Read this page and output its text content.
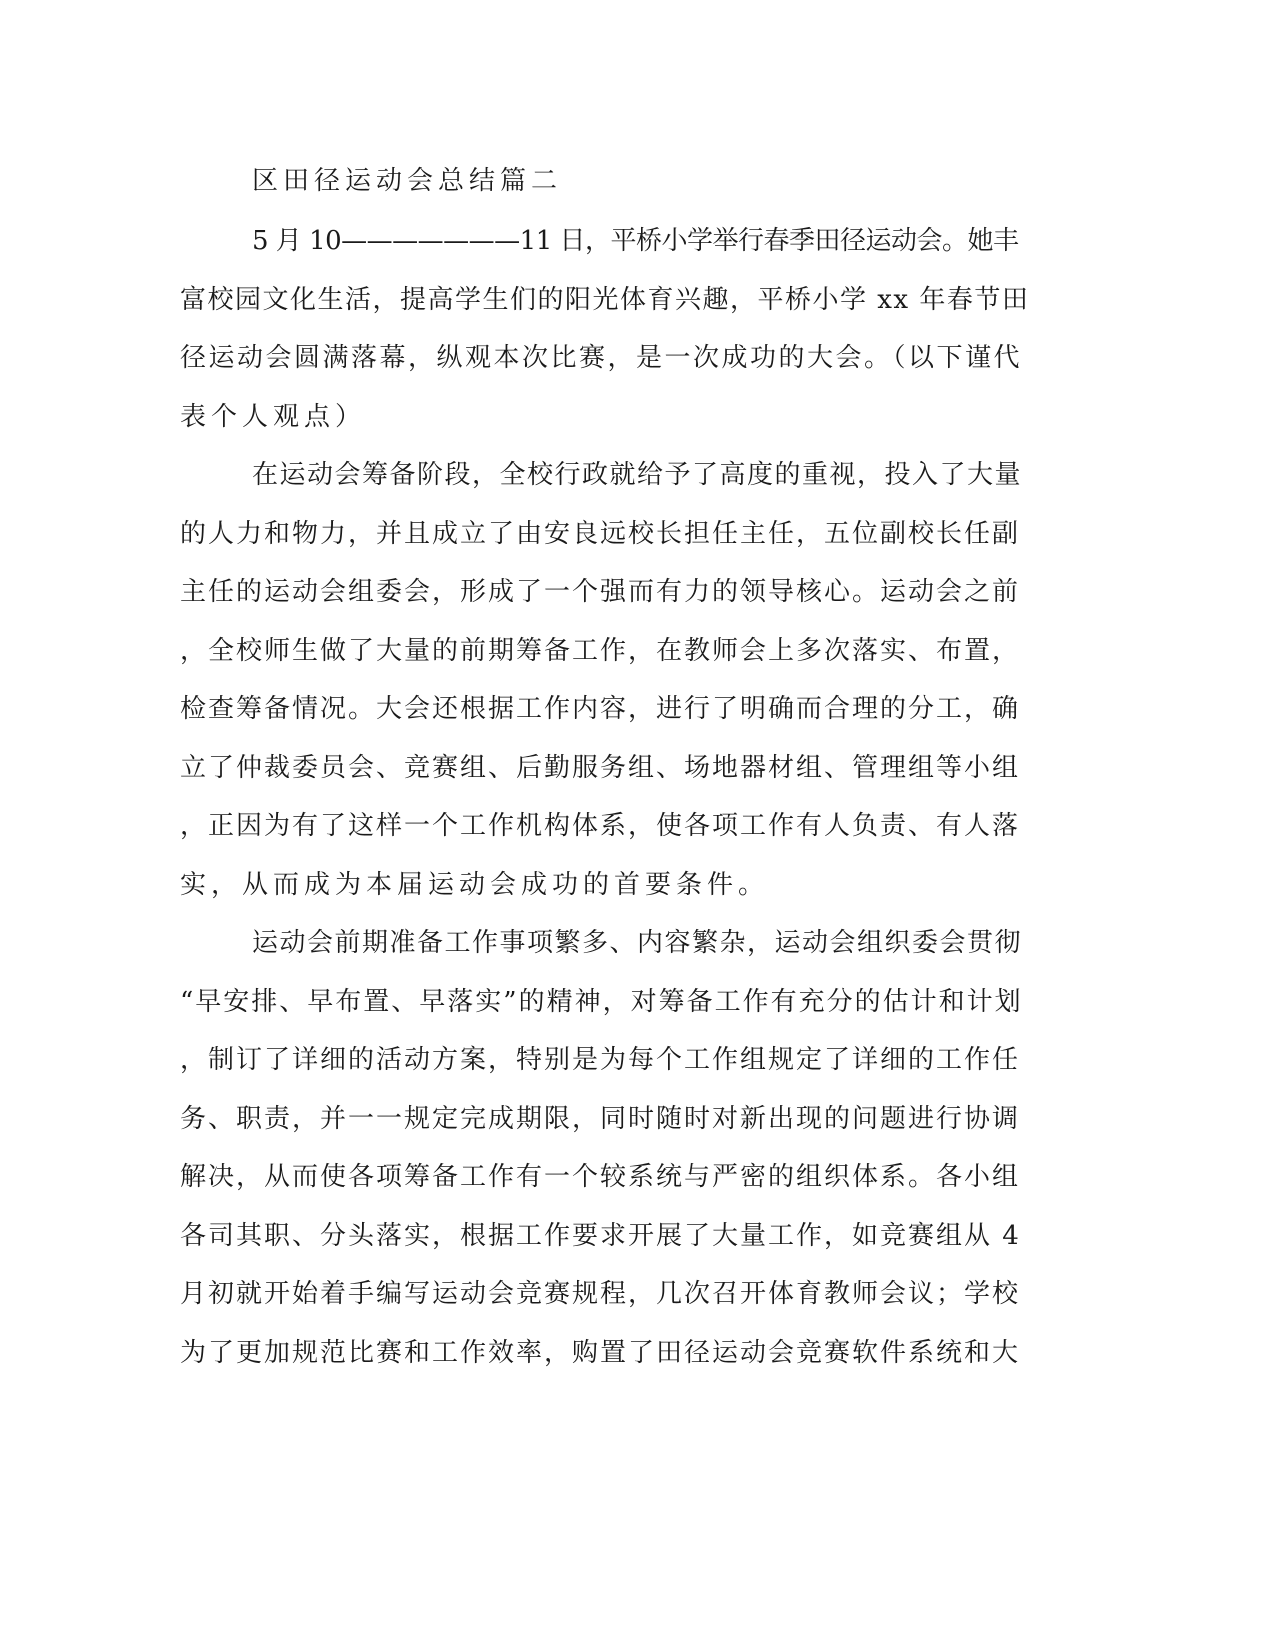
区田径运动会总结篇二

5 月 10———————11 日，平桥小学举行春季田径运动会。她丰

富校园文化生活，提高学生们的阳光体育兴趣，平桥小学 xx 年春节田

径运动会圆满落幕，纵观本次比赛，是一次成功的大会。（以下谨代

表个人观点）

在运动会筹备阶段，全校行政就给予了高度的重视，投入了大量

的人力和物力，并且成立了由安良远校长担任主任，五位副校长任副

主任的运动会组委会，形成了一个强而有力的领导核心。运动会之前

，全校师生做了大量的前期筹备工作，在教师会上多次落实、布置，

检查筹备情况。大会还根据工作内容，进行了明确而合理的分工，确

立了仲裁委员会、竞赛组、后勤服务组、场地器材组、管理组等小组

，正因为有了这样一个工作机构体系，使各项工作有人负责、有人落

实，从而成为本届运动会成功的首要条件。

运动会前期准备工作事项繁多、内容繁杂，运动会组织委会贯彻

“早安排、早布置、早落实”的精神，对筹备工作有充分的估计和计划

，制订了详细的活动方案，特别是为每个工作组规定了详细的工作任

务、职责，并一一规定完成期限，同时随时对新出现的问题进行协调

解决，从而使各项筹备工作有一个较系统与严密的组织体系。各小组

各司其职、分头落实，根据工作要求开展了大量工作，如竞赛组从 4

月初就开始着手编写运动会竞赛规程，几次召开体育教师会议；学校

为了更加规范比赛和工作效率，购置了田径运动会竞赛软件系统和大
